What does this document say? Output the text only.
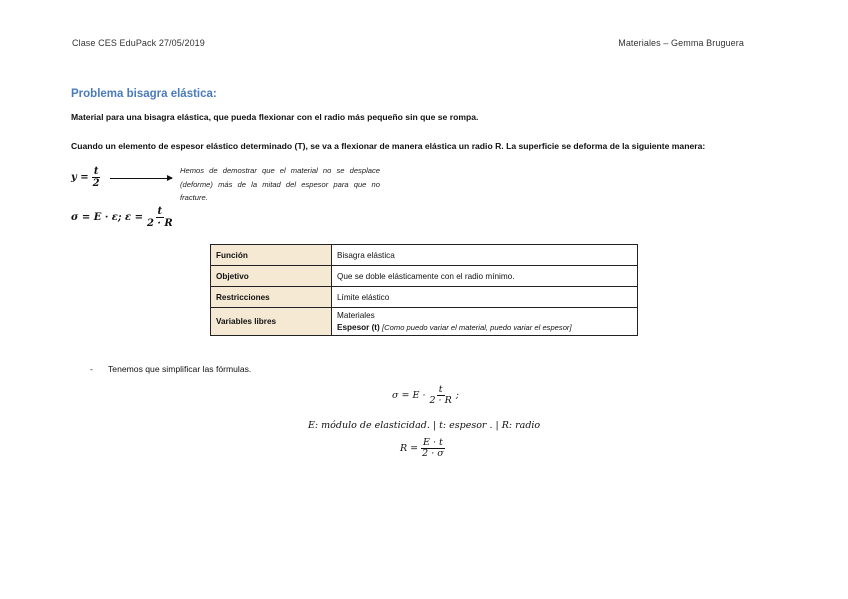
Clase CES EduPack 27/05/2019	Materiales – Gemma Bruguera
Problema bisagra elástica:
Material para una bisagra elástica, que pueda flexionar con el radio más pequeño sin que se rompa.
Cuando un elemento de espesor elástico determinado (T), se va a flexionar de manera elástica un radio R. La superficie se deforma de la siguiente manera:
$y = \frac{t}{2}$	Hemos de demostrar que el material no se desplace (deforme) más de la mitad del espesor para que no fracture.
σ = E · ε; $\varepsilon = \frac{t}{2 \cdot R}$
Función	Bisagra elástica
Objetivo	Que se doble elásticamente con el radio mínimo.
Restricciones	Límite elástico
Variables libres	Materiales
Espesor (t) [Como puedo variar el material, puedo variar el espesor]
- Tenemos que simplificar las fórmulas.
$\sigma = E \cdot \frac{t}{2 \cdot R}$ ;
E: módulo de elasticidad. | t: espesor . | R: radio
$R = \frac{E \cdot t}{2 \cdot \sigma}$
